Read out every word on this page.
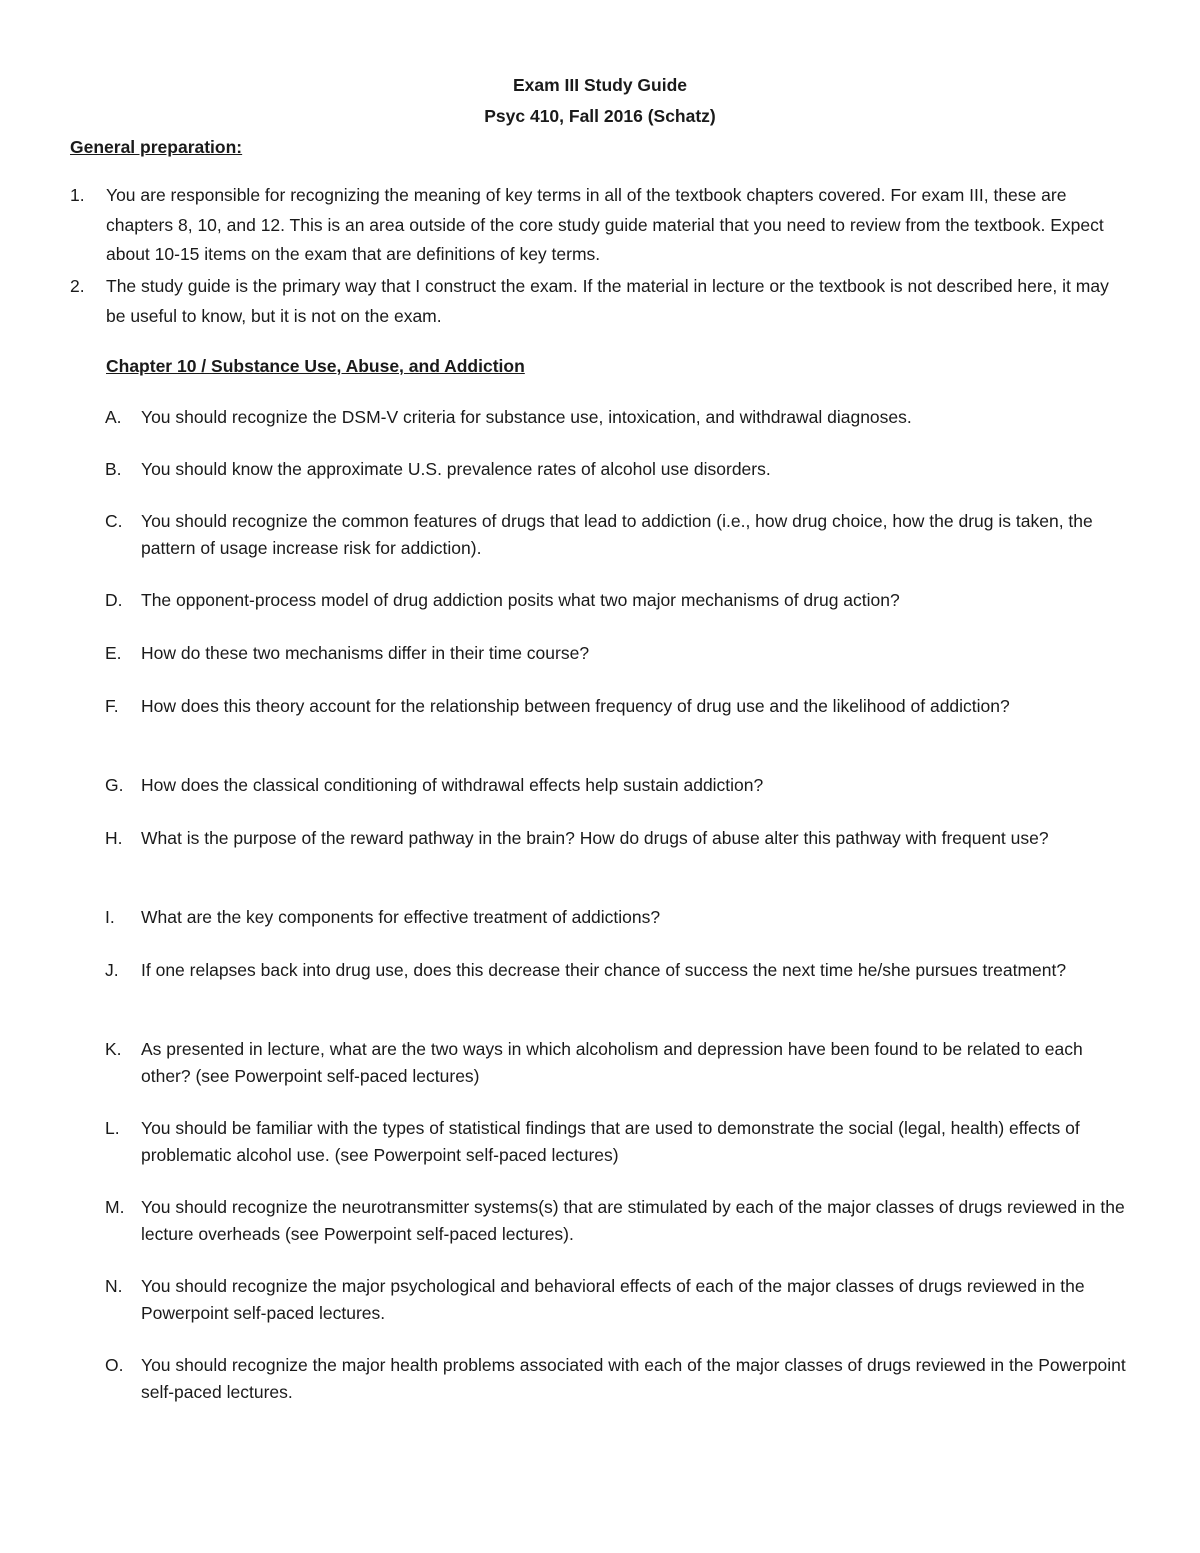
Exam III Study Guide
Psyc 410, Fall 2016 (Schatz)
General preparation:
1.	You are responsible for recognizing the meaning of key terms in all of the textbook chapters covered. For exam III, these are chapters 8, 10, and 12. This is an area outside of the core study guide material that you need to review from the textbook. Expect about 10-15 items on the exam that are definitions of key terms.
2.	The study guide is the primary way that I construct the exam. If the material in lecture or the textbook is not described here, it may be useful to know, but it is not on the exam.
Chapter 10 / Substance Use, Abuse, and Addiction
A.	You should recognize the DSM-V criteria for substance use, intoxication, and withdrawal diagnoses.
B.	You should know the approximate U.S. prevalence rates of alcohol use disorders.
C.	You should recognize the common features of drugs that lead to addiction (i.e., how drug choice, how the drug is taken, the pattern of usage increase risk for addiction).
D.	The opponent-process model of drug addiction posits what two major mechanisms of drug action?
E.	How do these two mechanisms differ in their time course?
F.	How does this theory account for the relationship between frequency of drug use and the likelihood of addiction?
G.	How does the classical conditioning of withdrawal effects help sustain addiction?
H.	What is the purpose of the reward pathway in the brain? How do drugs of abuse alter this pathway with frequent use?
I.	What are the key components for effective treatment of addictions?
J.	If one relapses back into drug use, does this decrease their chance of success the next time he/she pursues treatment?
K.	As presented in lecture, what are the two ways in which alcoholism and depression have been found to be related to each other? (see Powerpoint self-paced lectures)
L.	You should be familiar with the types of statistical findings that are used to demonstrate the social (legal, health) effects of problematic alcohol use. (see Powerpoint self-paced lectures)
M. You should recognize the neurotransmitter systems(s) that are stimulated by each of the major classes of drugs reviewed in the lecture overheads (see Powerpoint self-paced lectures).
N.	You should recognize the major psychological and behavioral effects of each of the major classes of drugs reviewed in the Powerpoint self-paced lectures.
O.	You should recognize the major health problems associated with each of the major classes of drugs reviewed in the Powerpoint self-paced lectures.
